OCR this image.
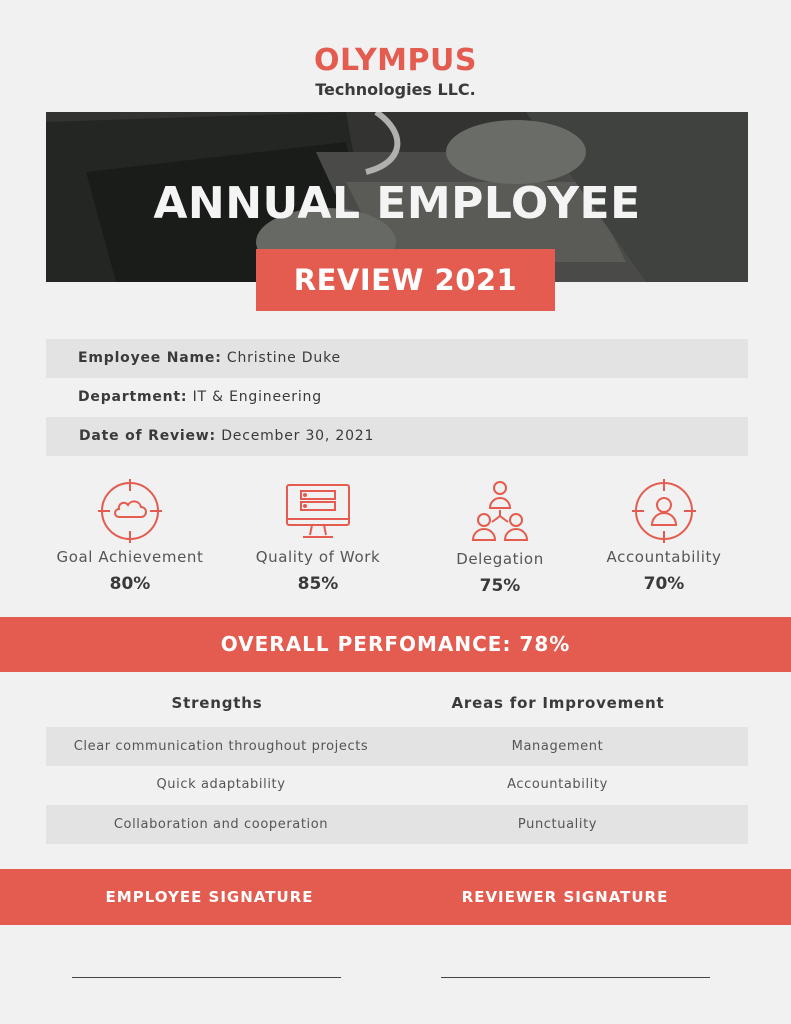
OLYMPUS
Technologies LLC.
ANNUAL EMPLOYEE
REVIEW 2021
Employee Name: Christine Duke
Department: IT & Engineering
Date of Review: December 30, 2021
Goal Achievement
80%
Quality of Work
85%
Delegation
75%
Accountability
70%
OVERALL PERFOMANCE: 78%
Strengths	Areas for Improvement
Clear communication throughout projects	Management
Quick adaptability	Accountability
Collaboration and cooperation	Punctuality
EMPLOYEE SIGNATURE	REVIEWER SIGNATURE
